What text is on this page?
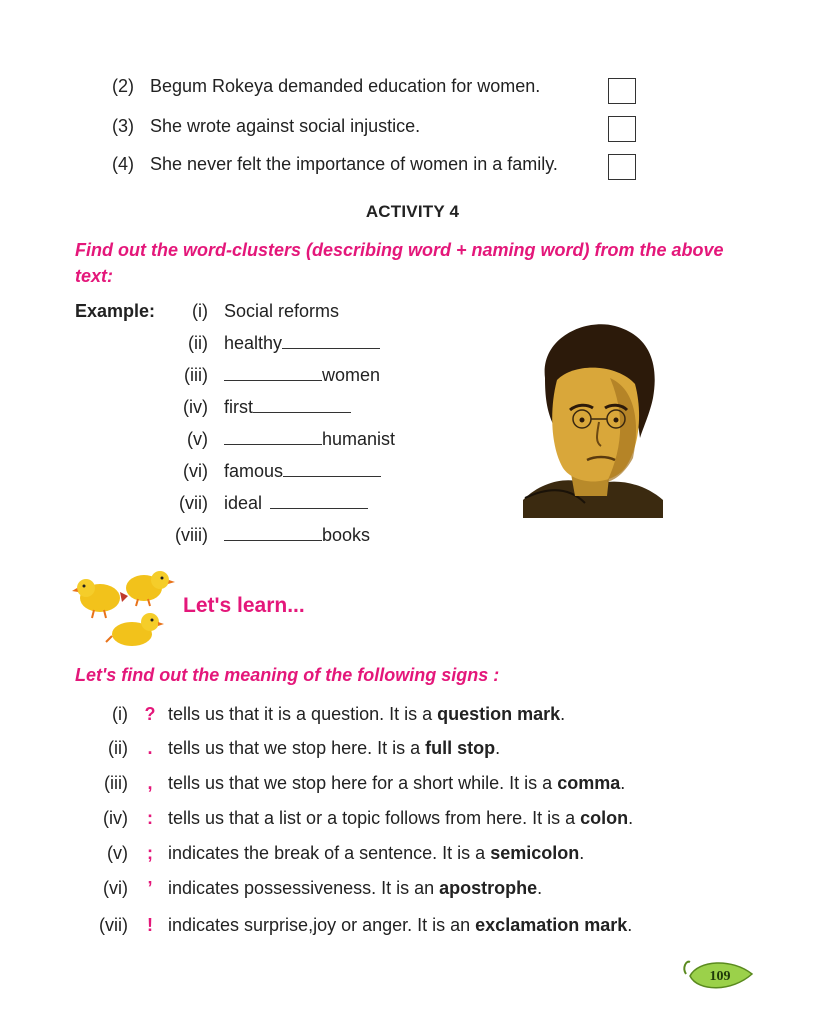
(2) Begum Rokeya demanded education for women.
(3) She wrote against social injustice.
(4) She never felt the importance of women in a family.
ACTIVITY 4
Find out the word-clusters (describing word + naming word) from the above
text:
Example:	(i) Social reforms
(ii) healthy
(iii)	women
(iv) first
(v)	humanist
(vi) famous
(vii) ideal
(viii)	books
Let's learn...
Let's find out the meaning of the following signs :
(i) ? tells us that it is a question. It is a question mark.
(ii) . tells us that we stop here. It is a full stop.
(iii) , tells us that we stop here for a short while. It is a comma.
(iv) : tells us that a list or a topic follows from here. It is a colon.
(v) ; indicates the break of a sentence. It is a semicolon.
(vi) ’ indicates possessiveness. It is an apostrophe.
(vii) ! indicates surprise,joy or anger. It is an exclamation mark.
109
